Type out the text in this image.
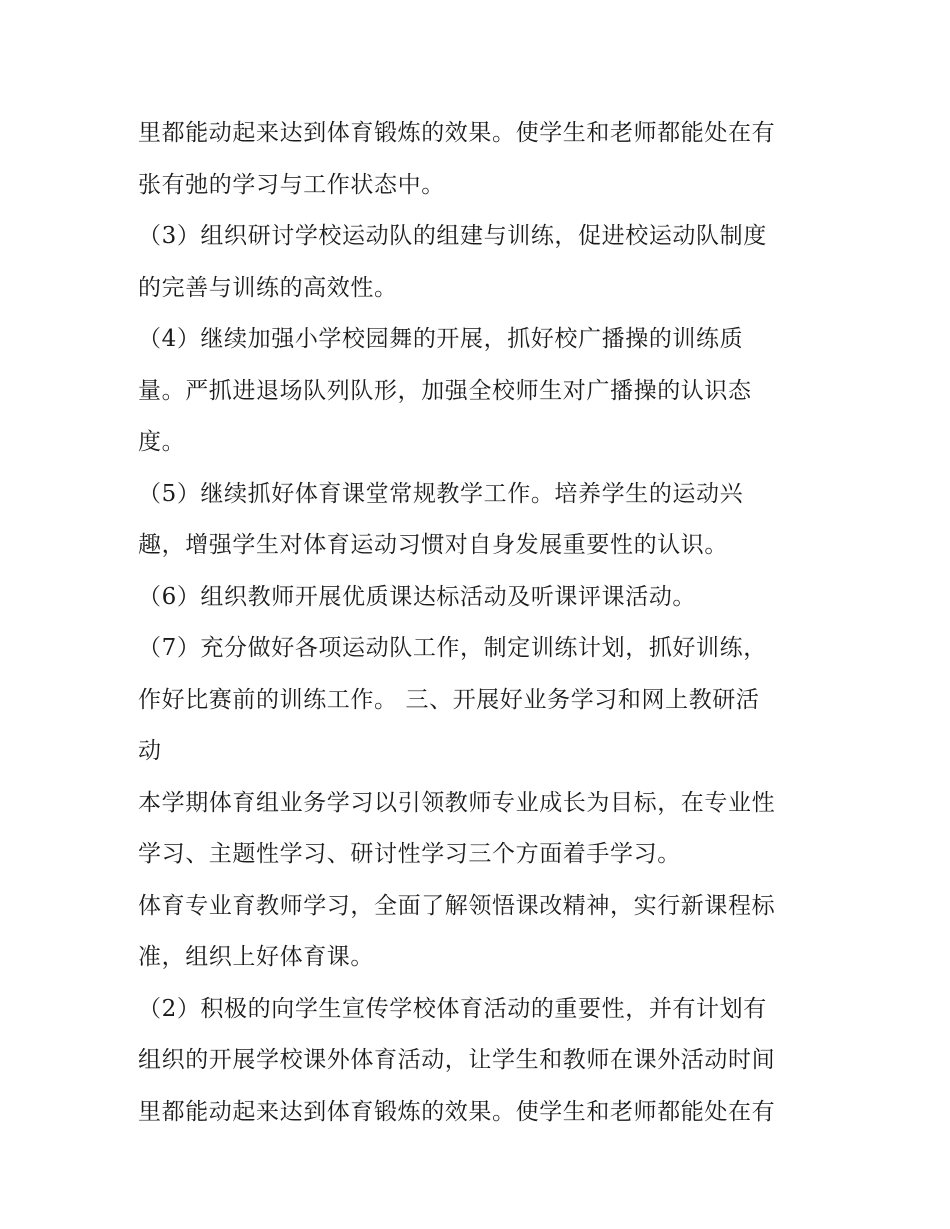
里都能动起来达到体育锻炼的效果。使学生和老师都能处在有
张有弛的学习与工作状态中。
（3）组织研讨学校运动队的组建与训练，促进校运动队制度
的完善与训练的高效性。
（4）继续加强小学校园舞的开展，抓好校广播操的训练质
量。严抓进退场队列队形，加强全校师生对广播操的认识态
度。
（5）继续抓好体育课堂常规教学工作。培养学生的运动兴
趣，增强学生对体育运动习惯对自身发展重要性的认识。
（6）组织教师开展优质课达标活动及听课评课活动。
（7）充分做好各项运动队工作，制定训练计划，抓好训练，
作好比赛前的训练工作。 三、开展好业务学习和网上教研活
动
本学期体育组业务学习以引领教师专业成长为目标，在专业性
学习、主题性学习、研讨性学习三个方面着手学习。
体育专业育教师学习，全面了解领悟课改精神，实行新课程标
准，组织上好体育课。
（2）积极的向学生宣传学校体育活动的重要性，并有计划有
组织的开展学校课外体育活动，让学生和教师在课外活动时间
里都能动起来达到体育锻炼的效果。使学生和老师都能处在有
